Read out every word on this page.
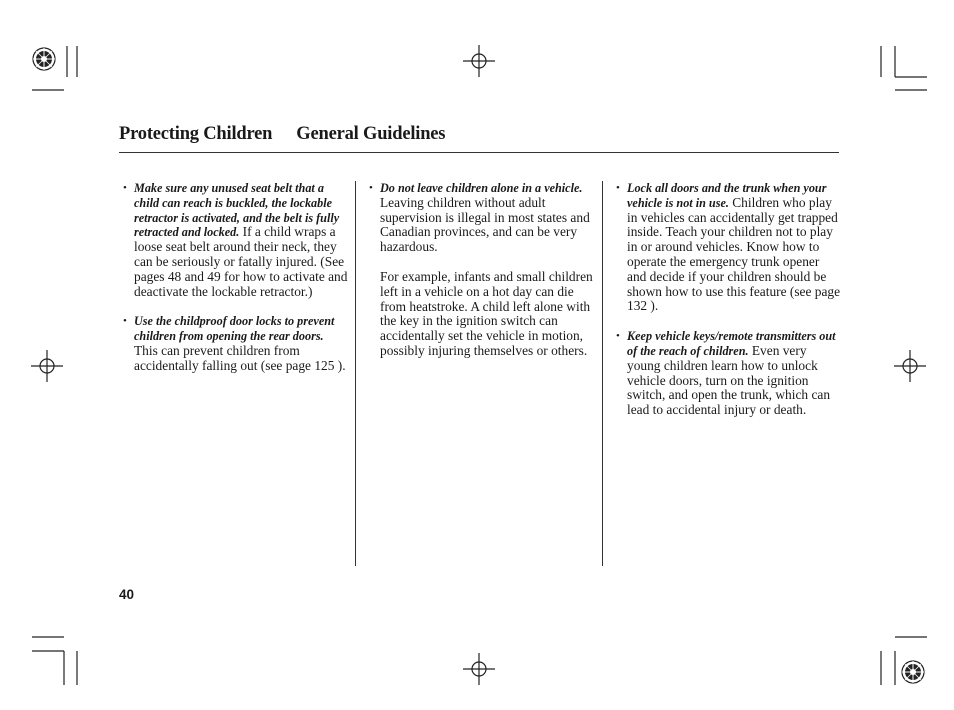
Protecting Children General Guidelines
• Make sure any unused seat belt that a child can reach is buckled, the lockable retractor is activated, and the belt is fully retracted and locked. If a child wraps a loose seat belt around their neck, they can be seriously or fatally injured. (See pages 48 and 49 for how to activate and deactivate the lockable retractor.)
• Use the childproof door locks to prevent children from opening the rear doors. This can prevent children from accidentally falling out (see page 125 ).
• Do not leave children alone in a vehicle. Leaving children without adult supervision is illegal in most states and Canadian provinces, and can be very hazardous.
For example, infants and small children left in a vehicle on a hot day can die from heatstroke. A child left alone with the key in the ignition switch can accidentally set the vehicle in motion, possibly injuring themselves or others.
• Lock all doors and the trunk when your vehicle is not in use. Children who play in vehicles can accidentally get trapped inside. Teach your children not to play in or around vehicles. Know how to operate the emergency trunk opener and decide if your children should be shown how to use this feature (see page 132 ).
• Keep vehicle keys/remote transmitters out of the reach of children. Even very young children learn how to unlock vehicle doors, turn on the ignition switch, and open the trunk, which can lead to accidental injury or death.
40
